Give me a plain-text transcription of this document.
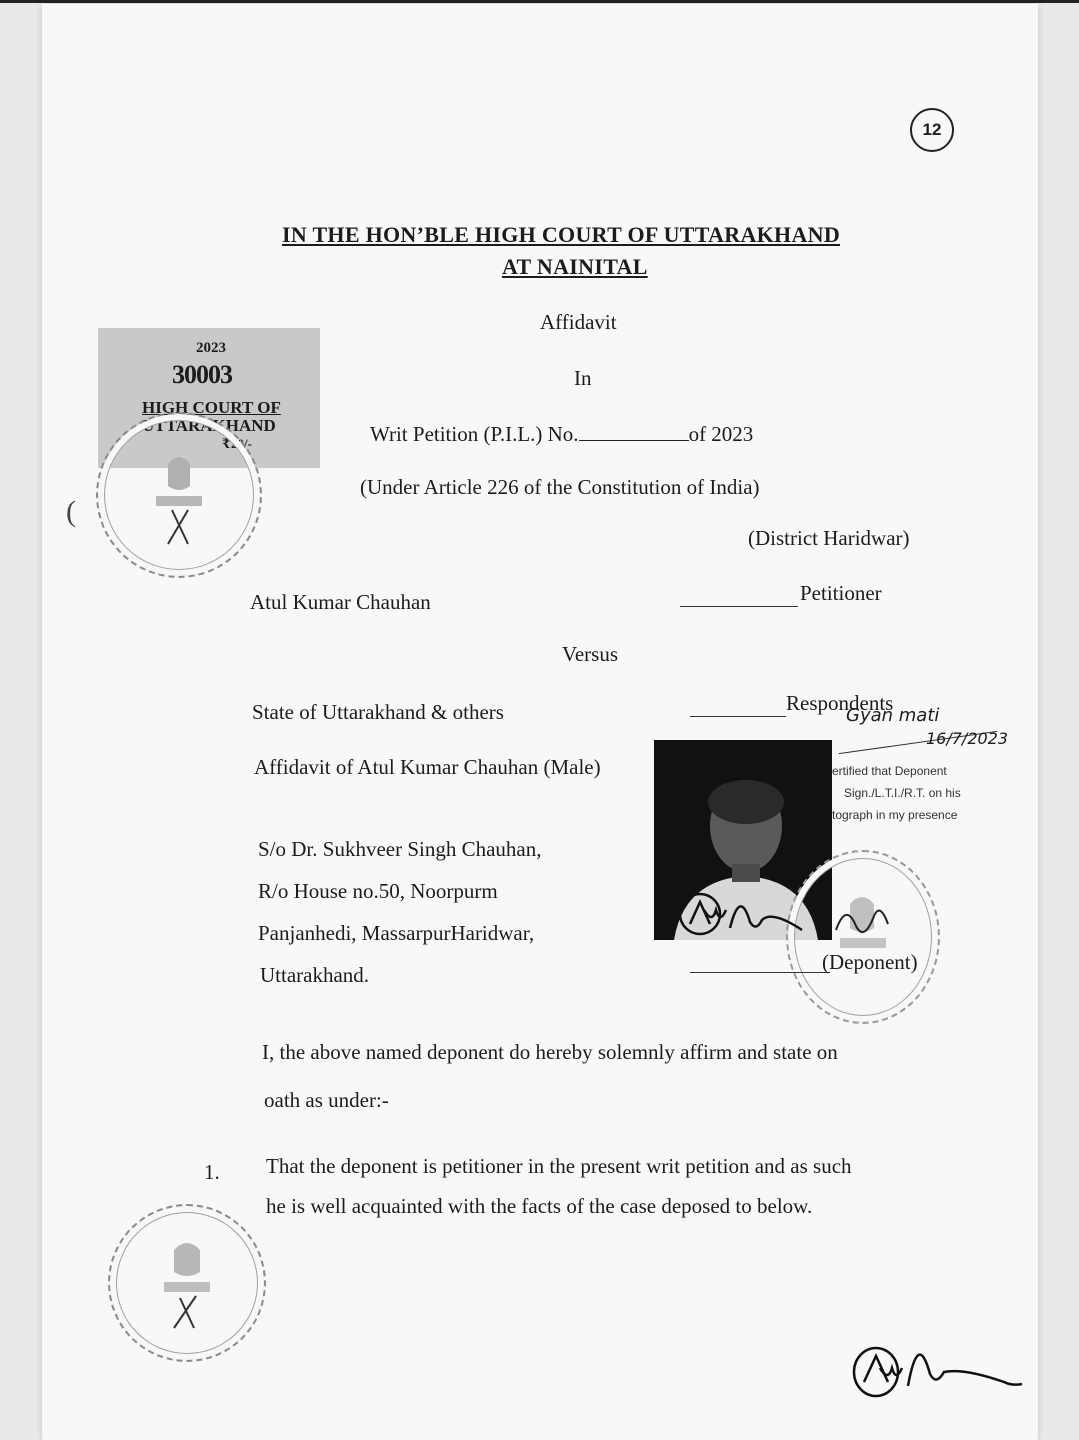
12
IN THE HON’BLE HIGH COURT OF UTTARAKHAND
AT NAINITAL
Affidavit
In
Writ Petition (P.I.L.) No.	of 2023
(Under Article 226 of the Constitution of India)
(District Haridwar)
2023
30003
HIGH COURT OF
UTTARAKHAND
₹20/-
(
Atul Kumar Chauhan	Petitioner
Versus
State of Uttarakhand & others	Respondents
Affidavit of Atul Kumar Chauhan (Male)
S/o Dr. Sukhveer Singh Chauhan,
R/o House no.50, Noorpurm
Panjanhedi, MassarpurHaridwar,
Uttarakhand.
(Deponent)
Gyan mati
16/7/2023
ertified that Deponent
Sign./L.T.I./R.T. on his
tograph in my presence
I, the above named deponent do hereby solemnly affirm and state on
oath as under:-
1. That the deponent is petitioner in the present writ petition and as such
he is well acquainted with the facts of the case deposed to below.
